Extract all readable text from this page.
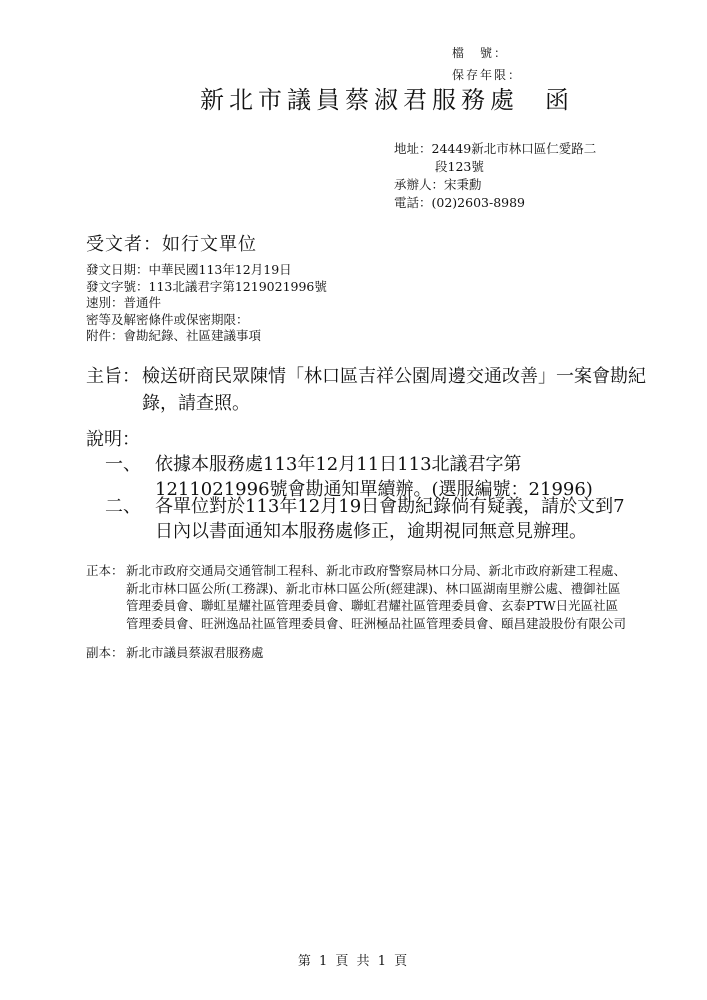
檔　號：
保存年限：
新北市議員蔡淑君服務處 函
地址：24449新北市林口區仁愛路二
段123號
承辦人：宋秉勳
電話：(02)2603-8989
受文者：如行文單位
發文日期：中華民國113年12月19日
發文字號：113北議君字第1219021996號
速別：普通件
密等及解密條件或保密期限：
附件：會勘紀錄、社區建議事項
主旨： 檢送研商民眾陳情「林口區吉祥公園周邊交通改善」一案會勘紀錄，請查照。
說明：
一、 依據本服務處113年12月11日113北議君字第1211021996號會勘通知單續辦。(選服編號：21996)
二、 各單位對於113年12月19日會勘紀錄倘有疑義，請於文到7日內以書面通知本服務處修正，逾期視同無意見辦理。
正本： 新北市政府交通局交通管制工程科、新北市政府警察局林口分局、新北市政府新建工程處、新北市林口區公所(工務課)、新北市林口區公所(經建課)、林口區湖南里辦公處、禮御社區管理委員會、聯虹星耀社區管理委員會、聯虹君耀社區管理委員會、玄泰PTW日光區社區管理委員會、旺洲逸品社區管理委員會、旺洲極品社區管理委員會、頤昌建設股份有限公司
副本： 新北市議員蔡淑君服務處
第 1 頁 共 1 頁
